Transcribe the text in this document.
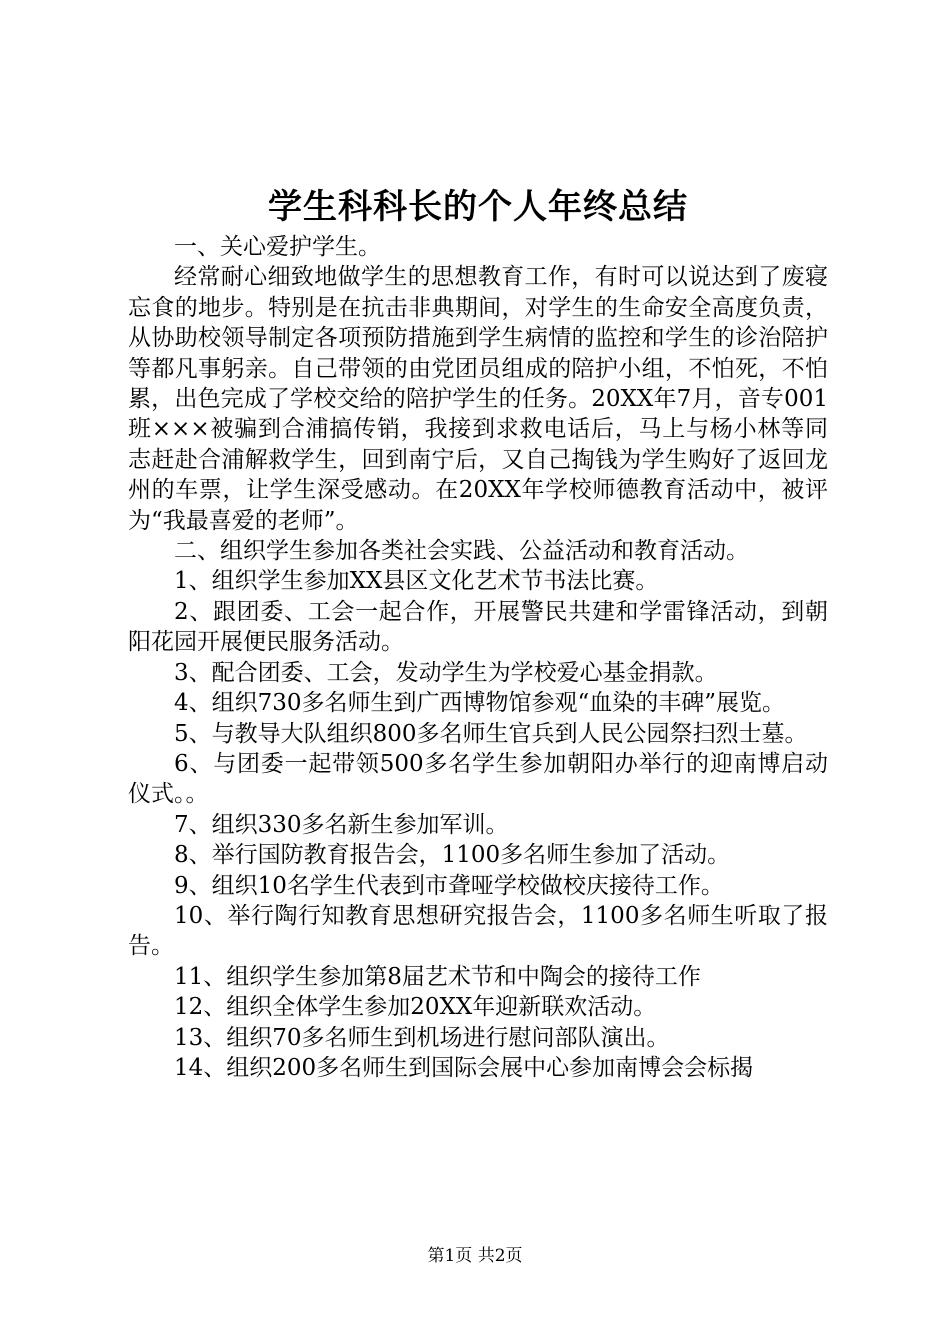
学生科科长的个人年终总结

一、关心爱护学生。

经常耐心细致地做学生的思想教育工作，有时可以说达到了废寝忘食的地步。特别是在抗击非典期间，对学生的生命安全高度负责，从协助校领导制定各项预防措施到学生病情的监控和学生的诊治陪护等都凡事躬亲。自己带领的由党团员组成的陪护小组，不怕死，不怕累，出色完成了学校交给的陪护学生的任务。20XX年7月，音专001班×××被骗到合浦搞传销，我接到求救电话后，马上与杨小林等同志赶赴合浦解救学生，回到南宁后，又自己掏钱为学生购好了返回龙州的车票，让学生深受感动。在20XX年学校师德教育活动中，被评为“我最喜爱的老师”。

二、组织学生参加各类社会实践、公益活动和教育活动。

1、组织学生参加XX县区文化艺术节书法比赛。

2、跟团委、工会一起合作，开展警民共建和学雷锋活动，到朝阳花园开展便民服务活动。

3、配合团委、工会，发动学生为学校爱心基金捐款。

4、组织730多名师生到广西博物馆参观“血染的丰碑”展览。

5、与教导大队组织800多名师生官兵到人民公园祭扫烈士墓。

6、与团委一起带领500多名学生参加朝阳办举行的迎南博启动仪式。。

7、组织330多名新生参加军训。

8、举行国防教育报告会，1100多名师生参加了活动。

9、组织10名学生代表到市聋哑学校做校庆接待工作。

10、举行陶行知教育思想研究报告会，1100多名师生听取了报告。

11、组织学生参加第8届艺术节和中陶会的接待工作

12、组织全体学生参加20XX年迎新联欢活动。

13、组织70多名师生到机场进行慰问部队演出。

14、组织200多名师生到国际会展中心参加南博会会标揭

第1页 共2页
